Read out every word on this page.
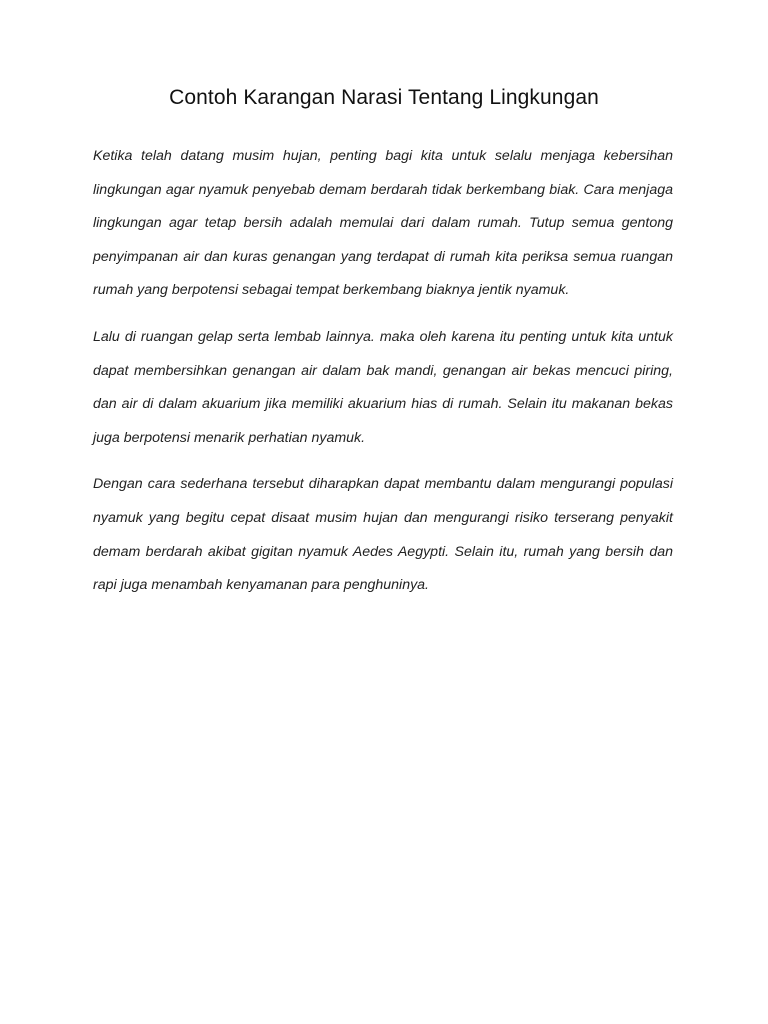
Contoh Karangan Narasi Tentang Lingkungan

Ketika telah datang musim hujan, penting bagi kita untuk selalu menjaga kebersihan lingkungan agar nyamuk penyebab demam berdarah tidak berkembang biak. Cara menjaga lingkungan agar tetap bersih adalah memulai dari dalam rumah. Tutup semua gentong penyimpanan air dan kuras genangan yang terdapat di rumah kita periksa semua ruangan rumah yang berpotensi sebagai tempat berkembang biaknya jentik nyamuk.

Lalu di ruangan gelap serta lembab lainnya. maka oleh karena itu penting untuk kita untuk dapat membersihkan genangan air dalam bak mandi, genangan air bekas mencuci piring, dan air di dalam akuarium jika memiliki akuarium hias di rumah. Selain itu makanan bekas juga berpotensi menarik perhatian nyamuk.

Dengan cara sederhana tersebut diharapkan dapat membantu dalam mengurangi populasi nyamuk yang begitu cepat disaat musim hujan dan mengurangi risiko terserang penyakit demam berdarah akibat gigitan nyamuk Aedes Aegypti. Selain itu, rumah yang bersih dan rapi juga menambah kenyamanan para penghuninya.
